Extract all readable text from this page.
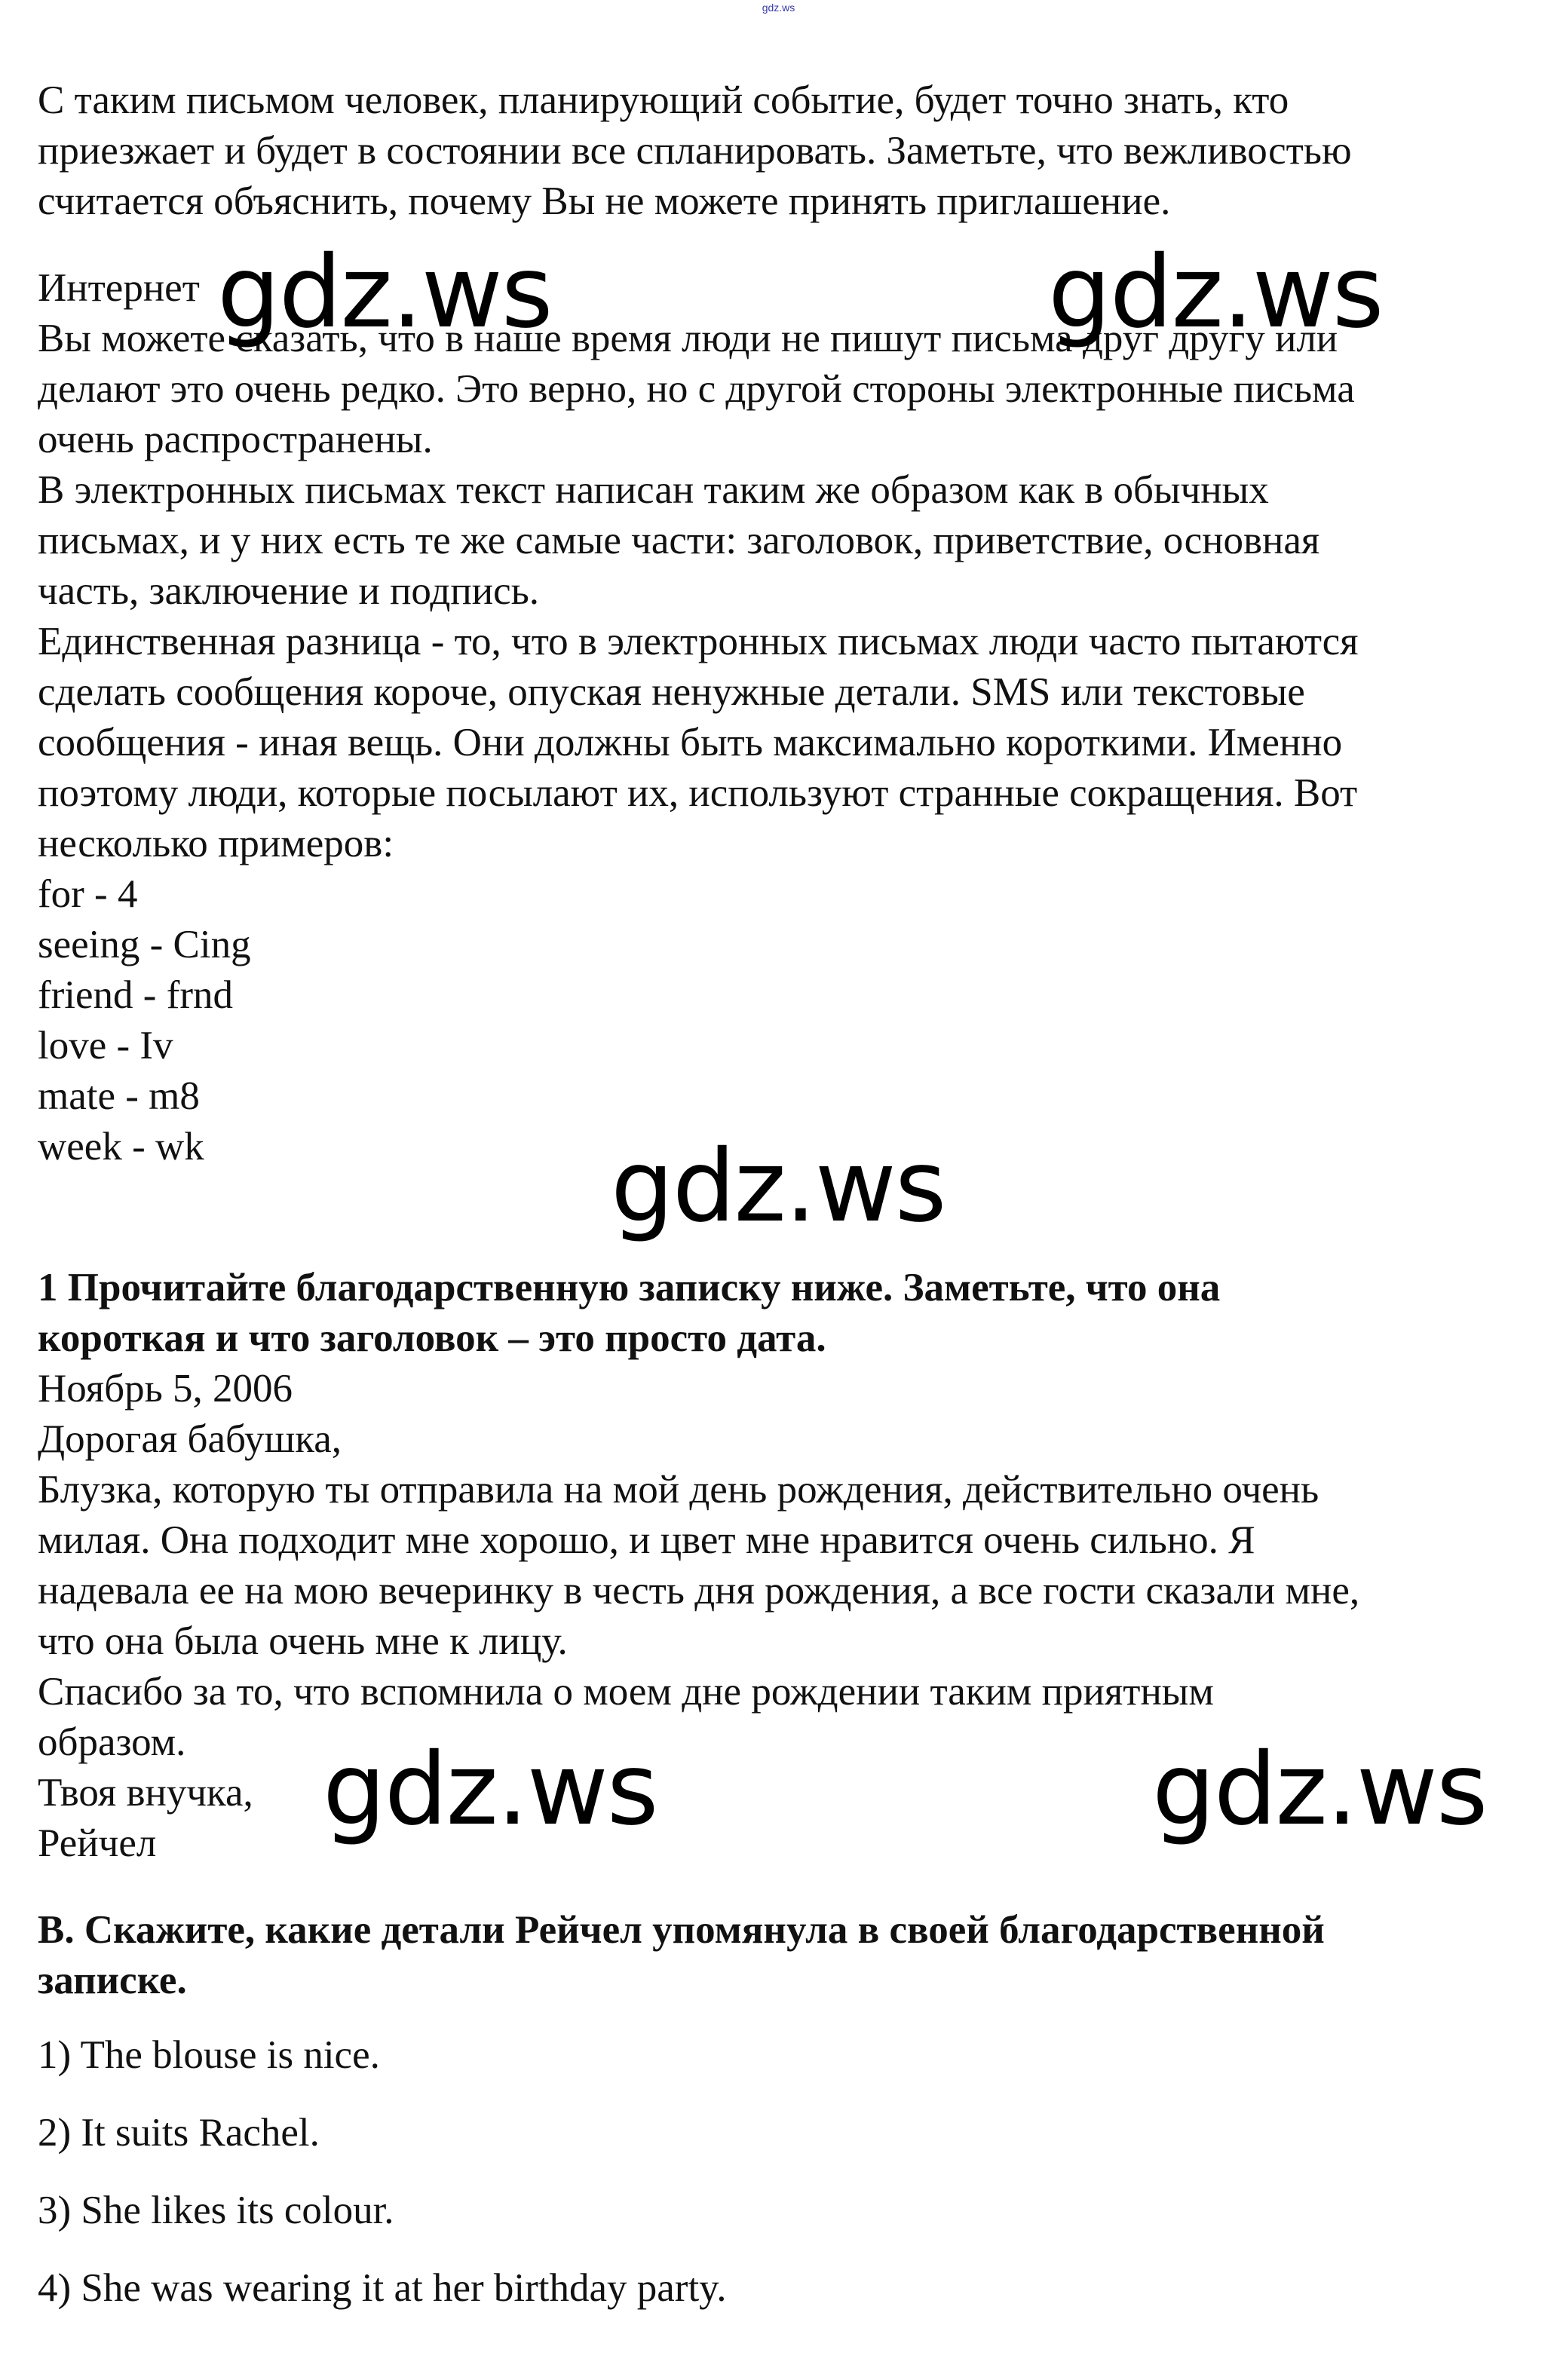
gdz.ws

С таким письмом человек, планирующий событие, будет точно знать, кто

приезжает и будет в состоянии все спланировать. Заметьте, что вежливостью

считается объяснить, почему Вы не можете принять приглашение.

Интернет

Вы можете сказать, что в наше время люди не пишут письма друг другу или

делают это очень редко. Это верно, но с другой стороны электронные письма

очень распространены.

В электронных письмах текст написан таким же образом как в обычных

письмах, и у них есть те же самые части: заголовок, приветствие, основная

часть, заключение и подпись.

Единственная разница - то, что в электронных письмах люди часто пытаются

сделать сообщения короче, опуская ненужные детали. SMS или текстовые

сообщения - иная вещь. Они должны быть максимально короткими. Именно

поэтому люди, которые посылают их, используют странные сокращения. Вот

несколько примеров:

for - 4

seeing - Cing

friend - frnd

love - Iv

mate - m8

week - wk

1 Прочитайте благодарственную записку ниже. Заметьте, что она

короткая и что заголовок – это просто дата.

Ноябрь 5, 2006

Дорогая бабушка,

Блузка, которую ты отправила на мой день рождения, действительно очень

милая. Она подходит мне хорошо, и цвет мне нравится очень сильно. Я

надевала ее на мою вечеринку в честь дня рождения, а все гости сказали мне,

что она была очень мне к лицу.

Спасибо за то, что вспомнила о моем дне рождении таким приятным

образом.

Твоя внучка,

Рейчел

B. Скажите, какие детали Рейчел упомянула в своей благодарственной

записке.

1) The blouse is nice.

2) It suits Rachel.

3) She likes its colour.

4) She was wearing it at her birthday party.

gdz.ws	gdz.ws
gdz.ws
gdz.ws	gdz.ws
